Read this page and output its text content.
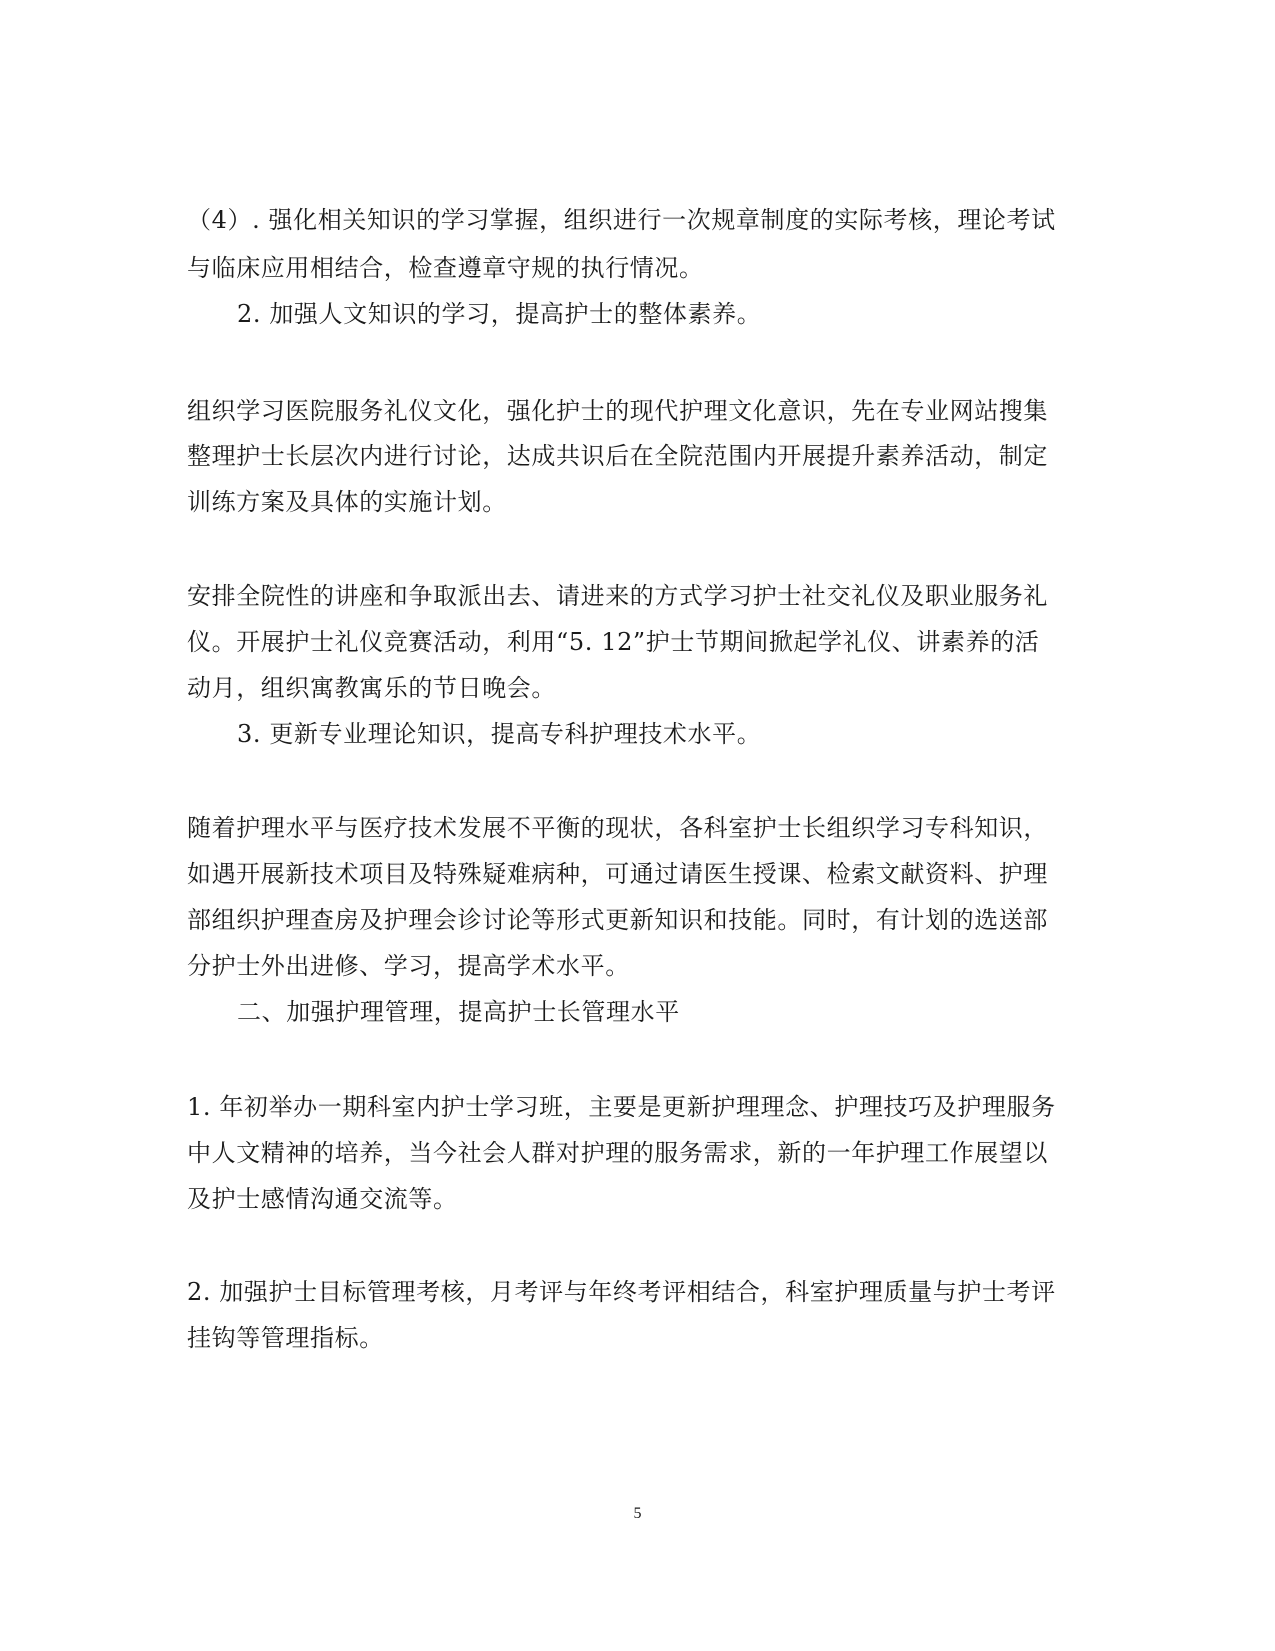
（4）. 强化相关知识的学习掌握，组织进行一次规章制度的实际考核，理论考试
与临床应用相结合，检查遵章守规的执行情况。
2. 加强人文知识的学习，提高护士的整体素养。
组织学习医院服务礼仪文化，强化护士的现代护理文化意识，先在专业网站搜集
整理护士长层次内进行讨论，达成共识后在全院范围内开展提升素养活动，制定
训练方案及具体的实施计划。
安排全院性的讲座和争取派出去、请进来的方式学习护士社交礼仪及职业服务礼
仪。开展护士礼仪竞赛活动，利用“5. 12”护士节期间掀起学礼仪、讲素养的活
动月，组织寓教寓乐的节日晚会。
3. 更新专业理论知识，提高专科护理技术水平。
随着护理水平与医疗技术发展不平衡的现状，各科室护士长组织学习专科知识，
如遇开展新技术项目及特殊疑难病种，可通过请医生授课、检索文献资料、护理
部组织护理查房及护理会诊讨论等形式更新知识和技能。同时，有计划的选送部
分护士外出进修、学习，提高学术水平。
二、加强护理管理，提高护士长管理水平
1. 年初举办一期科室内护士学习班，主要是更新护理理念、护理技巧及护理服务
中人文精神的培养，当今社会人群对护理的服务需求，新的一年护理工作展望以
及护士感情沟通交流等。
2. 加强护士目标管理考核，月考评与年终考评相结合，科室护理质量与护士考评
挂钩等管理指标。
5
